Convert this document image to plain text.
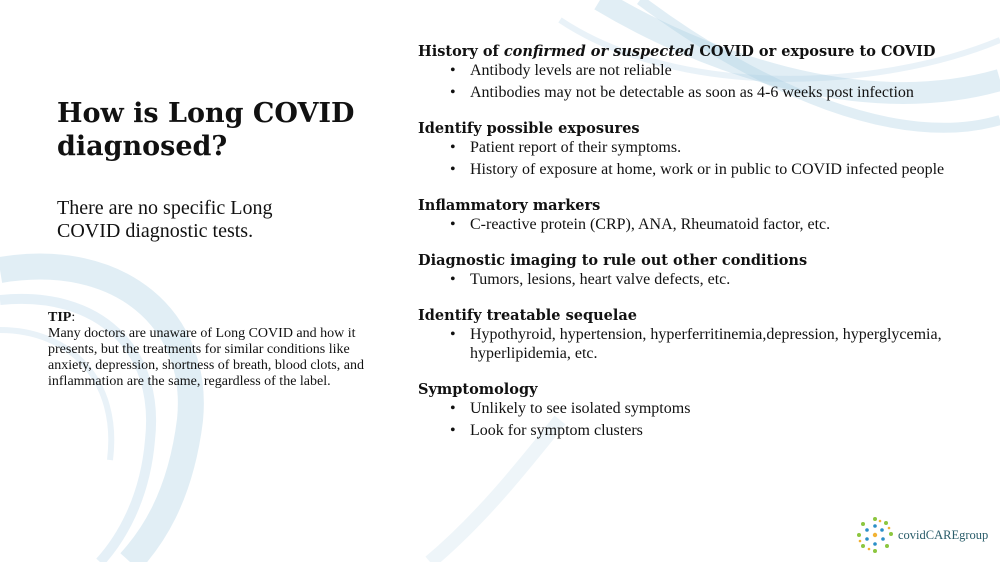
How is Long COVID diagnosed?

There are no specific Long COVID diagnostic tests.

TIP:
Many doctors are unaware of Long COVID and how it presents, but the treatments for similar conditions like anxiety, depression, shortness of breath, blood clots, and inflammation are the same, regardless of the label.

History of confirmed or suspected COVID or exposure to COVID

• Antibody levels are not reliable
• Antibodies may not be detectable as soon as 4-6 weeks post infection

Identify possible exposures

• Patient report of their symptoms.
• History of exposure at home, work or in public to COVID infected people

Inflammatory markers

• C-reactive protein (CRP), ANA, Rheumatoid factor, etc.

Diagnostic imaging to rule out other conditions

• Tumors, lesions, heart valve defects, etc.

Identify treatable sequelae

• Hypothyroid, hypertension, hyperferritinemia,depression, hyperglycemia, hyperlipidemia, etc.

Symptomology

• Unlikely to see isolated symptoms
• Look for symptom clusters
covidCAREgroup
